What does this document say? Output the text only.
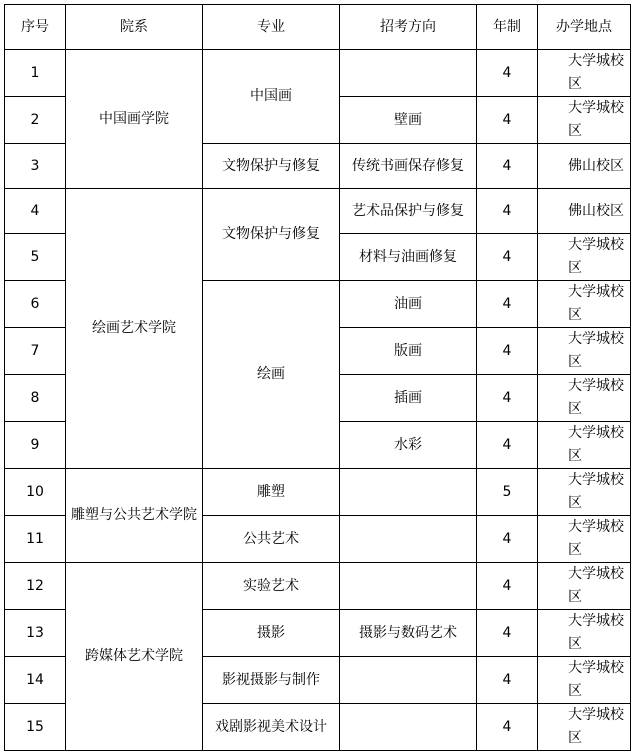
序号	院系	专业	招考方向	年制	办学地点
1	中国画学院	中国画		4	大学城校区
2			壁画	4	大学城校区
3		文物保护与修复	传统书画保存修复	4	佛山校区
4	绘画艺术学院	文物保护与修复	艺术品保护与修复	4	佛山校区
5			材料与油画修复	4	大学城校区
6		绘画	油画	4	大学城校区
7			版画	4	大学城校区
8			插画	4	大学城校区
9			水彩	4	大学城校区
10	雕塑与公共艺术学院	雕塑		5	大学城校区
11		公共艺术		4	大学城校区
12	跨媒体艺术学院	实验艺术		4	大学城校区
13		摄影	摄影与数码艺术	4	大学城校区
14		影视摄影与制作		4	大学城校区
15		戏剧影视美术设计		4	大学城校区
